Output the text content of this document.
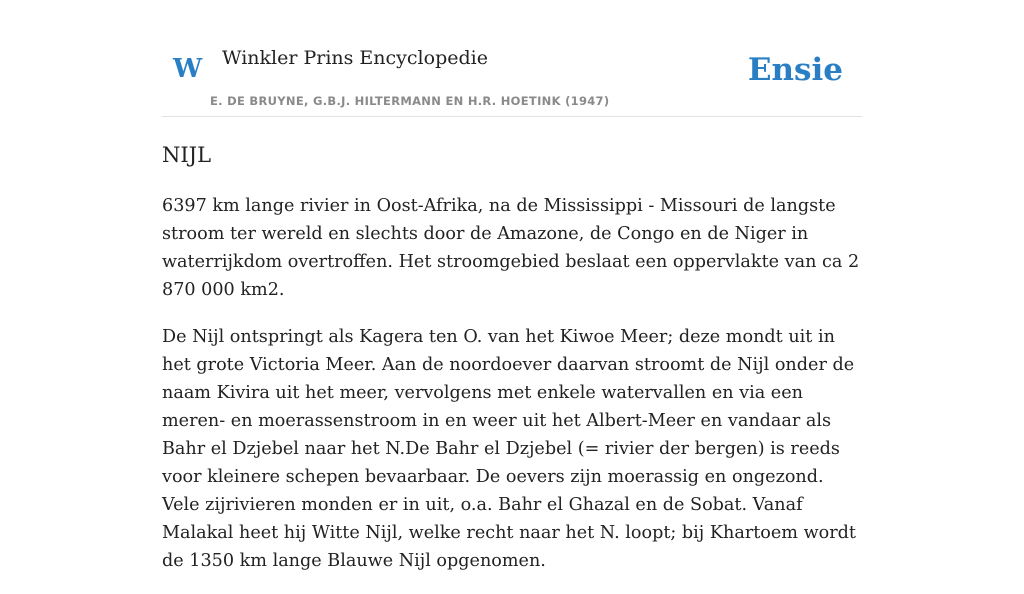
W Winkler Prins Encyclopedie
E. DE BRUYNE, G.B.J. HILTERMANN EN H.R. HOETINK (1947)
Ensie
NIJL

6397 km lange rivier in Oost-Afrika, na de Mississippi - Missouri de langste stroom ter wereld en slechts door de Amazone, de Congo en de Niger in waterrijkdom overtroffen. Het stroomgebied beslaat een oppervlakte van ca 2 870 000 km2.

De Nijl ontspringt als Kagera ten O. van het Kiwoe Meer; deze mondt uit in het grote Victoria Meer. Aan de noordoever daarvan stroomt de Nijl onder de naam Kivira uit het meer, vervolgens met enkele watervallen en via een meren- en moerassenstroom in en weer uit het Albert-Meer en vandaar als Bahr el Dzjebel naar het N.De Bahr el Dzjebel (= rivier der bergen) is reeds voor kleinere schepen bevaarbaar. De oevers zijn moerassig en ongezond. Vele zijrivieren monden er in uit, o.a. Bahr el Ghazal en de Sobat. Vanaf Malakal heet hij Witte Nijl, welke recht naar het N. loopt; bij Khartoem wordt de 1350 km lange Blauwe Nijl opgenomen.
